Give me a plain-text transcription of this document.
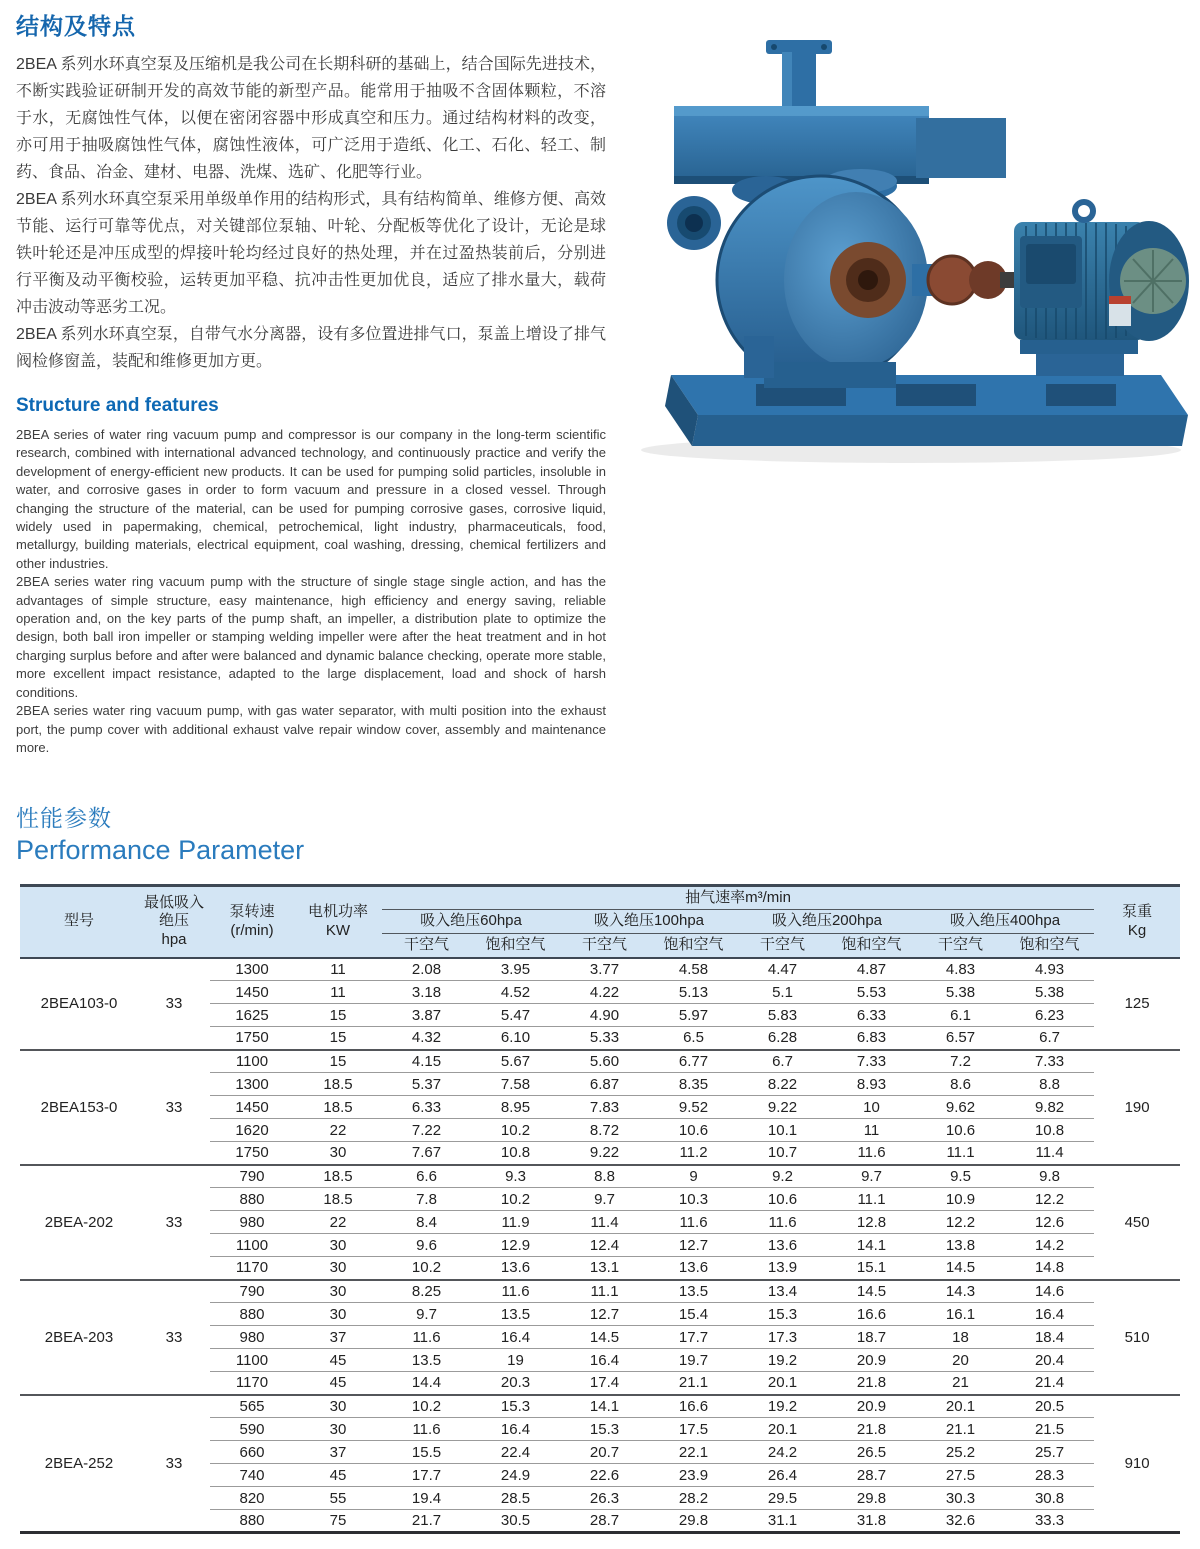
结构及特点

2BEA 系列水环真空泵及压缩机是我公司在长期科研的基础上，结合国际先进技术，不断实践验证研制开发的高效节能的新型产品。能常用于抽吸不含固体颗粒，不溶于水，无腐蚀性气体，以便在密闭容器中形成真空和压力。通过结构材料的改变，亦可用于抽吸腐蚀性气体，腐蚀性液体，可广泛用于造纸、化工、石化、轻工、制药、食品、冶金、建材、电器、洗煤、选矿、化肥等行业。

2BEA 系列水环真空泵采用单级单作用的结构形式，具有结构简单、维修方便、高效节能、运行可靠等优点，对关键部位泵轴、叶轮、分配板等优化了设计，无论是球铁叶轮还是冲压成型的焊接叶轮均经过良好的热处理，并在过盈热装前后，分别进行平衡及动平衡校验，运转更加平稳、抗冲击性更加优良，适应了排水量大，载荷冲击波动等恶劣工况。

2BEA 系列水环真空泵，自带气水分离器，设有多位置进排气口，泵盖上增设了排气阀检修窗盖，装配和维修更加方更。

Structure and features

2BEA series of water ring vacuum pump and compressor is our company in the long-term scientific research, combined with international advanced technology, and continuously practice and verify the development of energy-efficient new products. It can be used for pumping solid particles, insoluble in water, and corrosive gases in order to form vacuum and pressure in a closed vessel. Through changing the structure of the material, can be used for pumping corrosive gases, corrosive liquid, widely used in papermaking, chemical, petrochemical, light industry, pharmaceuticals, food, metallurgy, building materials, electrical equipment, coal washing, dressing, chemical fertilizers and other industries.

2BEA series water ring vacuum pump with the structure of single stage single action, and has the advantages of simple structure, easy maintenance, high efficiency and energy saving, reliable operation and, on the key parts of the pump shaft, an impeller, a distribution plate to optimize the design, both ball iron impeller or stamping welding impeller were after the heat treatment and in hot charging surplus before and after were balanced and dynamic balance checking, operate more stable, more excellent impact resistance, adapted to the large displacement, load and shock of harsh conditions.

2BEA series water ring vacuum pump, with gas water separator, with multi position into the exhaust port, the pump cover with additional exhaust valve repair window cover, assembly and maintenance more.

性能参数
Performance Parameter
型号	最低吸入
绝压
hpa	泵转速
(r/min)	电机功率
KW	抽气速率m³/min								泵重
Kg

				吸入绝压60hpa		吸入绝压100hpa		吸入绝压200hpa		吸入绝压400hpa		
				干空气	饱和空气	干空气	饱和空气	干空气	饱和空气	干空气	饱和空气	
2BEA103-0	33	1300	11	2.08	3.95	3.77	4.58	4.47	4.87	4.83	4.93	125
		1450	11	3.18	4.52	4.22	5.13	5.1	5.53	5.38	5.38	
		1625	15	3.87	5.47	4.90	5.97	5.83	6.33	6.1	6.23	
		1750	15	4.32	6.10	5.33	6.5	6.28	6.83	6.57	6.7	
2BEA153-0	33	1100	15	4.15	5.67	5.60	6.77	6.7	7.33	7.2	7.33	190
		1300	18.5	5.37	7.58	6.87	8.35	8.22	8.93	8.6	8.8	
		1450	18.5	6.33	8.95	7.83	9.52	9.22	10	9.62	9.82	
		1620	22	7.22	10.2	8.72	10.6	10.1	11	10.6	10.8	
		1750	30	7.67	10.8	9.22	11.2	10.7	11.6	11.1	11.4	
2BEA-202	33	790	18.5	6.6	9.3	8.8	9	9.2	9.7	9.5	9.8	450
		880	18.5	7.8	10.2	9.7	10.3	10.6	11.1	10.9	12.2	
		980	22	8.4	11.9	11.4	11.6	11.6	12.8	12.2	12.6	
		1100	30	9.6	12.9	12.4	12.7	13.6	14.1	13.8	14.2	
		1170	30	10.2	13.6	13.1	13.6	13.9	15.1	14.5	14.8	
2BEA-203	33	790	30	8.25	11.6	11.1	13.5	13.4	14.5	14.3	14.6	510
		880	30	9.7	13.5	12.7	15.4	15.3	16.6	16.1	16.4	
		980	37	11.6	16.4	14.5	17.7	17.3	18.7	18	18.4	
		1100	45	13.5	19	16.4	19.7	19.2	20.9	20	20.4	
		1170	45	14.4	20.3	17.4	21.1	20.1	21.8	21	21.4	
2BEA-252	33	565	30	10.2	15.3	14.1	16.6	19.2	20.9	20.1	20.5	910
		590	30	11.6	16.4	15.3	17.5	20.1	21.8	21.1	21.5	
		660	37	15.5	22.4	20.7	22.1	24.2	26.5	25.2	25.7	
		740	45	17.7	24.9	22.6	23.9	26.4	28.7	27.5	28.3	
		820	55	19.4	28.5	26.3	28.2	29.5	29.8	30.3	30.8	
		880	75	21.7	30.5	28.7	29.8	31.1	31.8	32.6	33.3	
